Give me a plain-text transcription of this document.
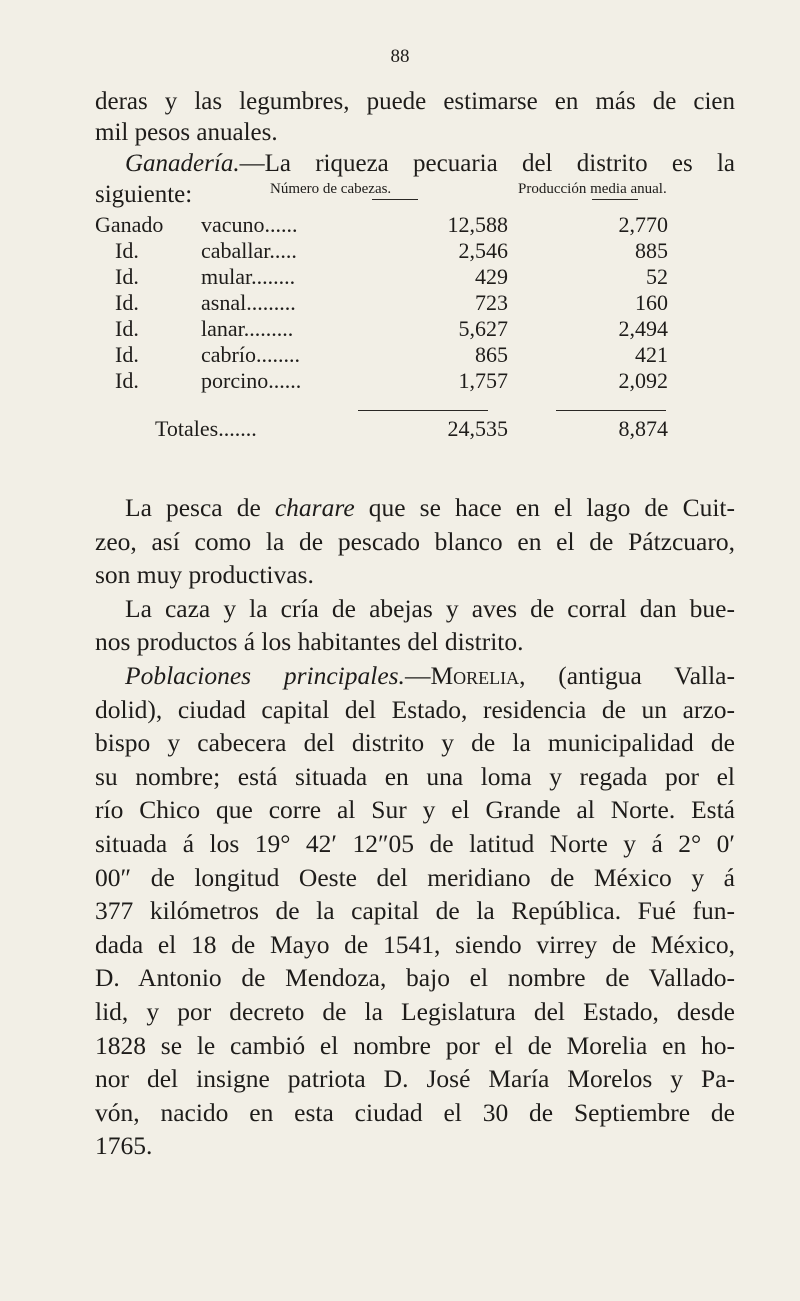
88
deras y las legumbres, puede estimarse en más de cien
mil pesos anuales.
Ganadería.—La riqueza pecuaria del distrito es la
siguiente:	Número de cabezas.	Producción media anual.
Ganado vacuno......	12,588	2,770
Id.	caballar.....	2,546	885
Id.	mular........	429	52
Id.	asnal.........	723	160
Id.	lanar.........	5,627	2,494
Id.	cabrío........	865	421
Id.	porcino......	1,757	2,092
Totales.......	24,535	8,874
La pesca de charare que se hace en el lago de Cuit-
zeo, así como la de pescado blanco en el de Pátzcuaro,
son muy productivas.
La caza y la cría de abejas y aves de corral dan bue-
nos productos á los habitantes del distrito.
Poblaciones principales.—Morelia, (antigua Valla-
dolid), ciudad capital del Estado, residencia de un arzo-
bispo y cabecera del distrito y de la municipalidad de
su nombre; está situada en una loma y regada por el
río Chico que corre al Sur y el Grande al Norte. Está
situada á los 19° 42′ 12″05 de latitud Norte y á 2° 0′
00″ de longitud Oeste del meridiano de México y á
377 kilómetros de la capital de la República. Fué fun-
dada el 18 de Mayo de 1541, siendo virrey de México,
D. Antonio de Mendoza, bajo el nombre de Vallado-
lid, y por decreto de la Legislatura del Estado, desde
1828 se le cambió el nombre por el de Morelia en ho-
nor del insigne patriota D. José María Morelos y Pa-
vón, nacido en esta ciudad el 30 de Septiembre de
1765.
